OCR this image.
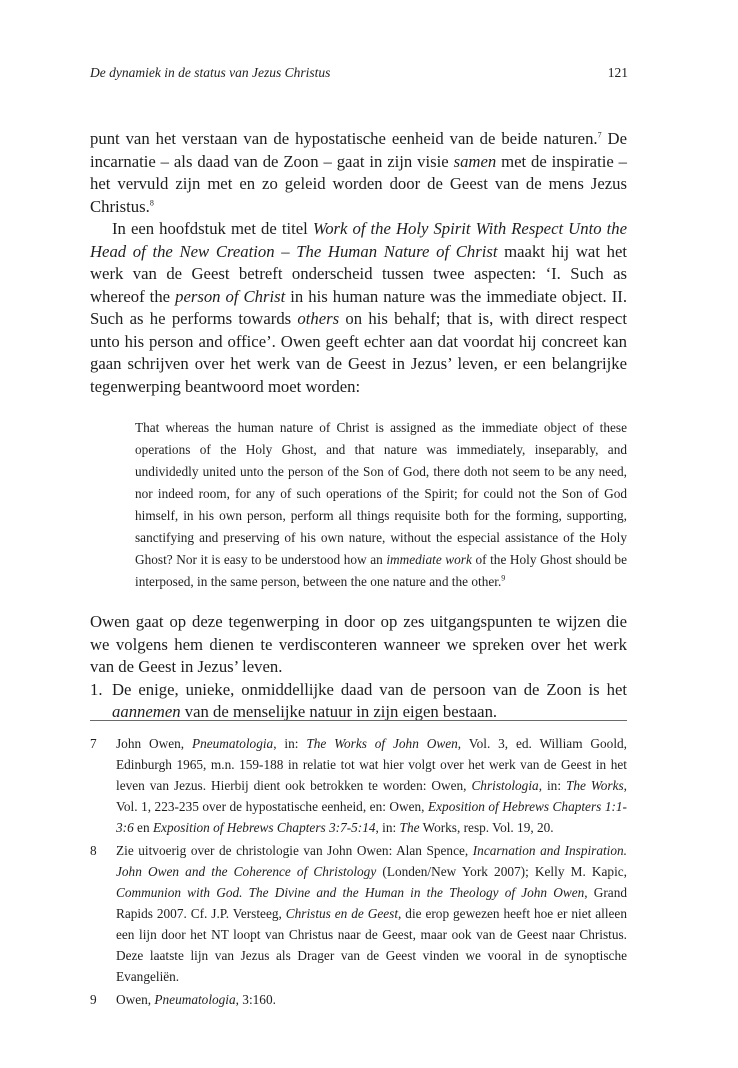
De dynamiek in de status van Jezus Christus	121

punt van het verstaan van de hypostatische eenheid van de beide naturen.$^7$ De incarnatie – als daad van de Zoon – gaat in zijn visie samen met de inspiratie – het vervuld zijn met en zo geleid worden door de Geest van de mens Jezus Christus.$^8$

In een hoofdstuk met de titel Work of the Holy Spirit With Respect Unto the Head of the New Creation – The Human Nature of Christ maakt hij wat het werk van de Geest betreft onderscheid tussen twee aspecten: ‘I. Such as whereof the person of Christ in his human nature was the immediate object. II. Such as he performs towards others on his behalf; that is, with direct respect unto his person and office’. Owen geeft echter aan dat voordat hij concreet kan gaan schrijven over het werk van de Geest in Jezus’ leven, er een belangrijke tegenwerping beantwoord moet worden:

That whereas the human nature of Christ is assigned as the immediate object of these operations of the Holy Ghost, and that nature was immediately, inseparably, and undividedly united unto the person of the Son of God, there doth not seem to be any need, nor indeed room, for any of such operations of the Spirit; for could not the Son of God himself, in his own person, perform all things requisite both for the forming, supporting, sanctifying and preserving of his own nature, without the especial assistance of the Holy Ghost? Nor it is easy to be understood how an immediate work of the Holy Ghost should be interposed, in the same person, between the one nature and the other.$^9$

Owen gaat op deze tegenwerping in door op zes uitgangspunten te wijzen die we volgens hem dienen te verdisconteren wanneer we spreken over het werk van de Geest in Jezus’ leven.

1. De enige, unieke, onmiddellijke daad van de persoon van de Zoon is het aannemen van de menselijke natuur in zijn eigen bestaan.
7 John Owen, Pneumatologia, in: The Works of John Owen, Vol. 3, ed. William Goold, Edinburgh 1965, m.n. 159-188 in relatie tot wat hier volgt over het werk van de Geest in het leven van Jezus. Hierbij dient ook betrokken te worden: Owen, Christologia, in: The Works, Vol. 1, 223-235 over de hypostatische eenheid, en: Owen, Exposition of Hebrews Chapters 1:1-3:6 en Exposition of Hebrews Chapters 3:7-5:14, in: The Works, resp. Vol. 19, 20.
8 Zie uitvoerig over de christologie van John Owen: Alan Spence, Incarnation and Inspiration. John Owen and the Coherence of Christology (Londen/New York 2007); Kelly M. Kapic, Communion with God. The Divine and the Human in the Theology of John Owen, Grand Rapids 2007. Cf. J.P. Versteeg, Christus en de Geest, die erop gewezen heeft hoe er niet alleen een lijn door het NT loopt van Christus naar de Geest, maar ook van de Geest naar Christus. Deze laatste lijn van Jezus als Drager van de Geest vinden we vooral in de synoptische Evangeliën.
9 Owen, Pneumatologia, 3:160.
